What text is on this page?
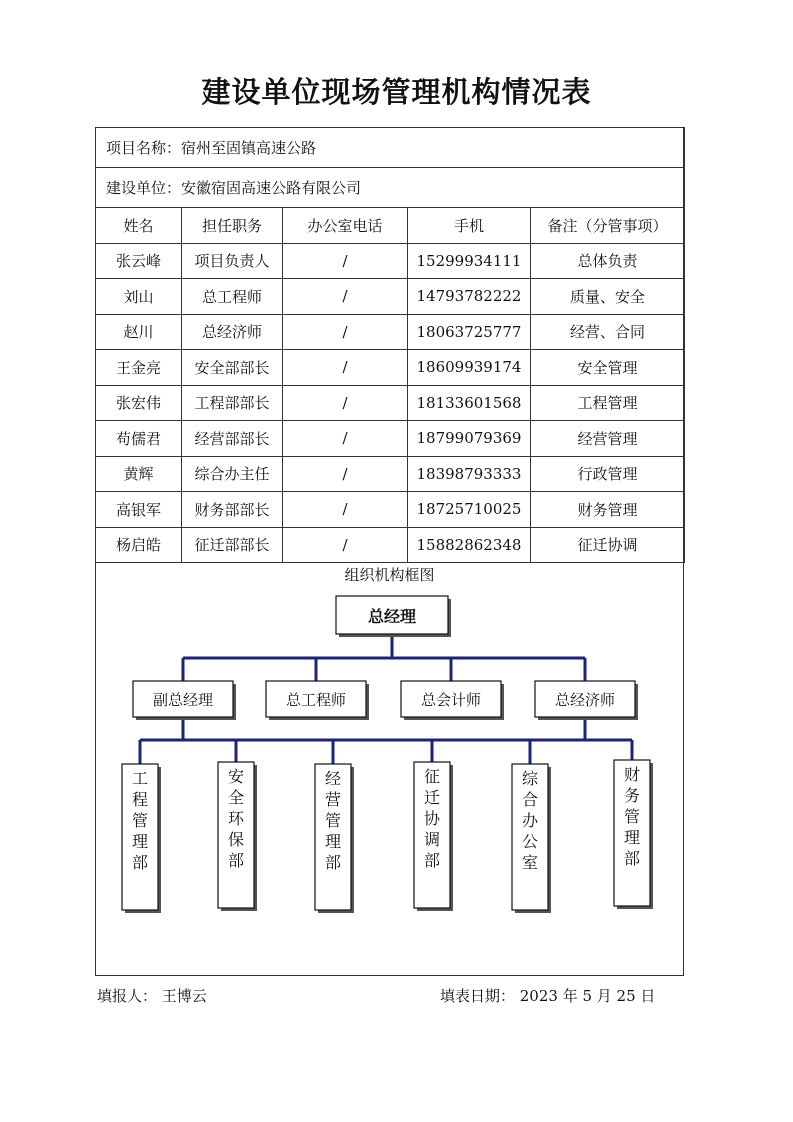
建设单位现场管理机构情况表
项目名称：宿州至固镇高速公路				
建设单位：安徽宿固高速公路有限公司				
姓名	担任职务	办公室电话	手机	备注（分管事项）
张云峰	项目负责人	/	15299934111	总体负责
刘山	总工程师	/	14793782222	质量、安全
赵川	总经济师	/	18063725777	经营、合同
王金亮	安全部部长	/	18609939174	安全管理
张宏伟	工程部部长	/	18133601568	工程管理
苟儒君	经营部部长	/	18799079369	经营管理
黄辉	综合办主任	/	18398793333	行政管理
高银军	财务部部长	/	18725710025	财务管理
杨启皓	征迁部部长	/	15882862348	征迁协调
组织机构框图
总经理
副总经理	总工程师	总会计师	总经济师
工程管理部
安全环保部
经营管理部
征迁协调部
综合办公室
财务管理部
填报人： 王博云	填表日期： 2023 年 5 月 25 日
